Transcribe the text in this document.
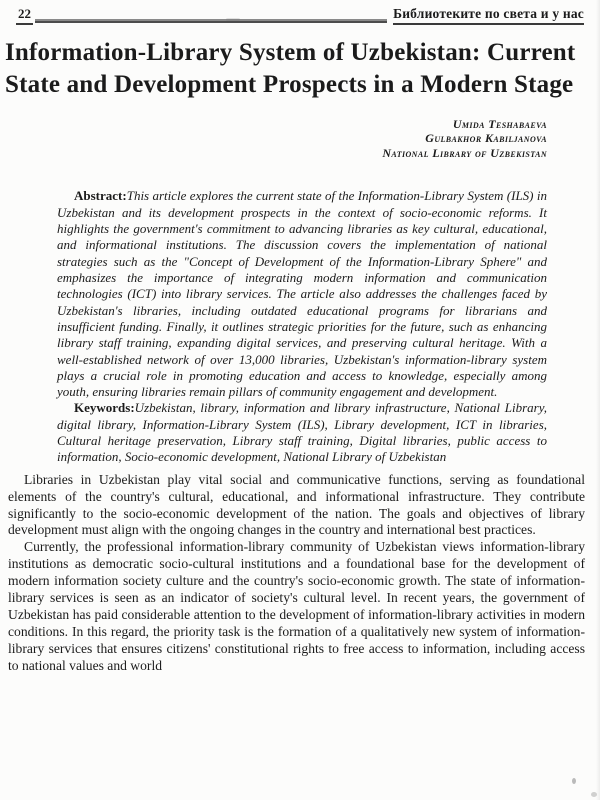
22	Библиотеките по света и у нас
Information-Library System of Uzbekistan: Current State and Development Prospects in a Modern Stage
Umida Teshabaeva
Gulbakhor Kabiljanova
National Library of Uzbekistan

Abstract:This article explores the current state of the Information-Library System (ILS) in Uzbekistan and its development prospects in the context of socio-economic reforms. It highlights the government's commitment to advancing libraries as key cultural, educational, and informational institutions. The discussion covers the implementation of national strategies such as the "Concept of Development of the Information-Library Sphere" and emphasizes the importance of integrating modern information and communication technologies (ICT) into library services. The article also addresses the challenges faced by Uzbekistan's libraries, including outdated educational programs for librarians and insufficient funding. Finally, it outlines strategic priorities for the future, such as enhancing library staff training, expanding digital services, and preserving cultural heritage. With a well-established network of over 13,000 libraries, Uzbekistan's information-library system plays a crucial role in promoting education and access to knowledge, especially among youth, ensuring libraries remain pillars of community engagement and development.

Keywords:Uzbekistan, library, information and library infrastructure, National Library, digital library, Information-Library System (ILS), Library development, ICT in libraries, Cultural heritage preservation, Library staff training, Digital libraries, public access to information, Socio-economic development, National Library of Uzbekistan

Libraries in Uzbekistan play vital social and communicative functions, serving as foundational elements of the country's cultural, educational, and informational infrastructure. They contribute significantly to the socio-economic development of the nation. The goals and objectives of library development must align with the ongoing changes in the country and international best practices.

Currently, the professional information-library community of Uzbekistan views information-library institutions as democratic socio-cultural institutions and a foundational base for the development of modern information society culture and the country's socio-economic growth. The state of information-library services is seen as an indicator of society's cultural level. In recent years, the government of Uzbekistan has paid considerable attention to the development of information-library activities in modern conditions. In this regard, the priority task is the formation of a qualitatively new system of information-library services that ensures citizens' constitutional rights to free access to information, including access to national values and world
